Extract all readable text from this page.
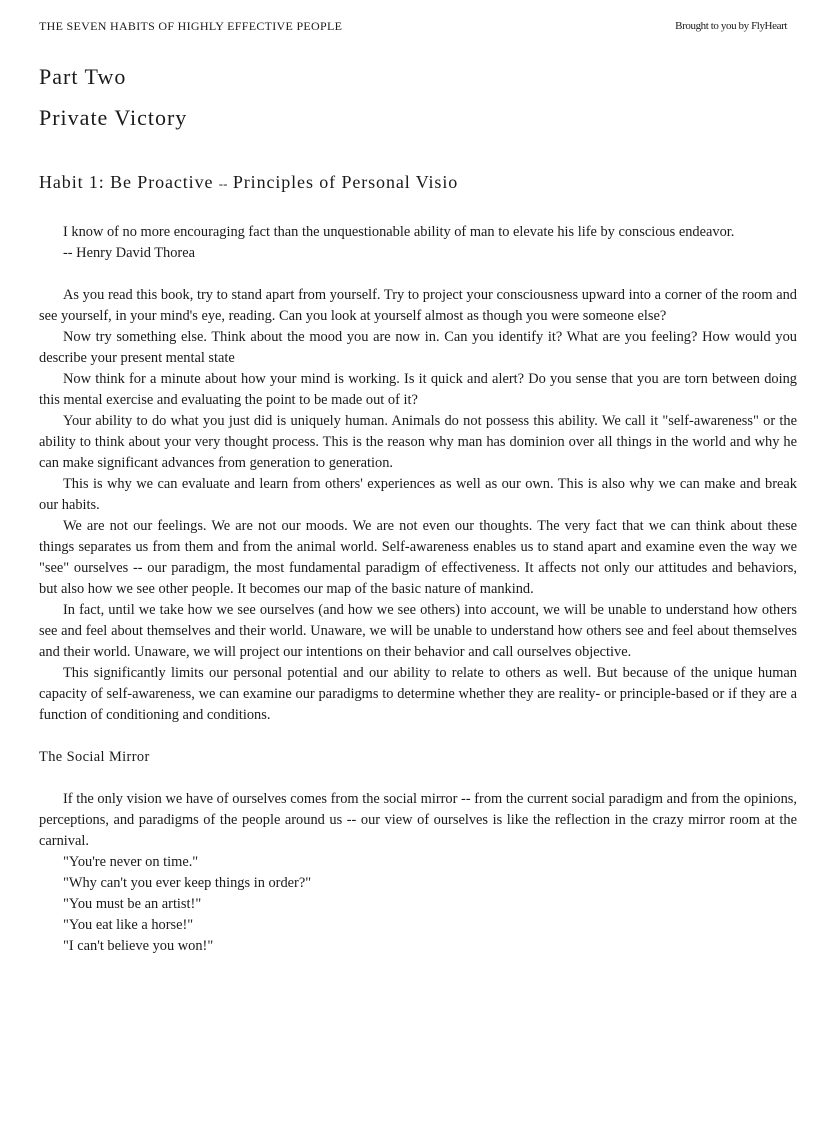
THE SEVEN HABITS OF HIGHLY EFFECTIVE PEOPLE	Brought to you by FlyHeart
Part Two
Private Victory
Habit 1: Be Proactive -- Principles of Personal Visio

I know of no more encouraging fact than the unquestionable ability of man to elevate his life by conscious endeavor.

-- Henry David Thorea

As you read this book, try to stand apart from yourself. Try to project your consciousness upward into a corner of the room and see yourself, in your mind's eye, reading. Can you look at yourself almost as though you were someone else?

Now try something else. Think about the mood you are now in. Can you identify it? What are you feeling? How would you describe your present mental state

Now think for a minute about how your mind is working. Is it quick and alert? Do you sense that you are torn between doing this mental exercise and evaluating the point to be made out of it?

Your ability to do what you just did is uniquely human. Animals do not possess this ability. We call it "self-awareness" or the ability to think about your very thought process. This is the reason why man has dominion over all things in the world and why he can make significant advances from generation to generation.

This is why we can evaluate and learn from others' experiences as well as our own. This is also why we can make and break our habits.

We are not our feelings. We are not our moods. We are not even our thoughts. The very fact that we can think about these things separates us from them and from the animal world. Self-awareness enables us to stand apart and examine even the way we "see" ourselves -- our paradigm, the most fundamental paradigm of effectiveness. It affects not only our attitudes and behaviors, but also how we see other people. It becomes our map of the basic nature of mankind.

In fact, until we take how we see ourselves (and how we see others) into account, we will be unable to understand how others see and feel about themselves and their world. Unaware, we will be unable to understand how others see and feel about themselves and their world. Unaware, we will project our intentions on their behavior and call ourselves objective.

This significantly limits our personal potential and our ability to relate to others as well. But because of the unique human capacity of self-awareness, we can examine our paradigms to determine whether they are reality- or principle-based or if they are a function of conditioning and conditions.

The Social Mirror

If the only vision we have of ourselves comes from the social mirror -- from the current social paradigm and from the opinions, perceptions, and paradigms of the people around us -- our view of ourselves is like the reflection in the crazy mirror room at the carnival.

"You're never on time."

"Why can't you ever keep things in order?"

"You must be an artist!"

"You eat like a horse!"

"I can't believe you won!"
